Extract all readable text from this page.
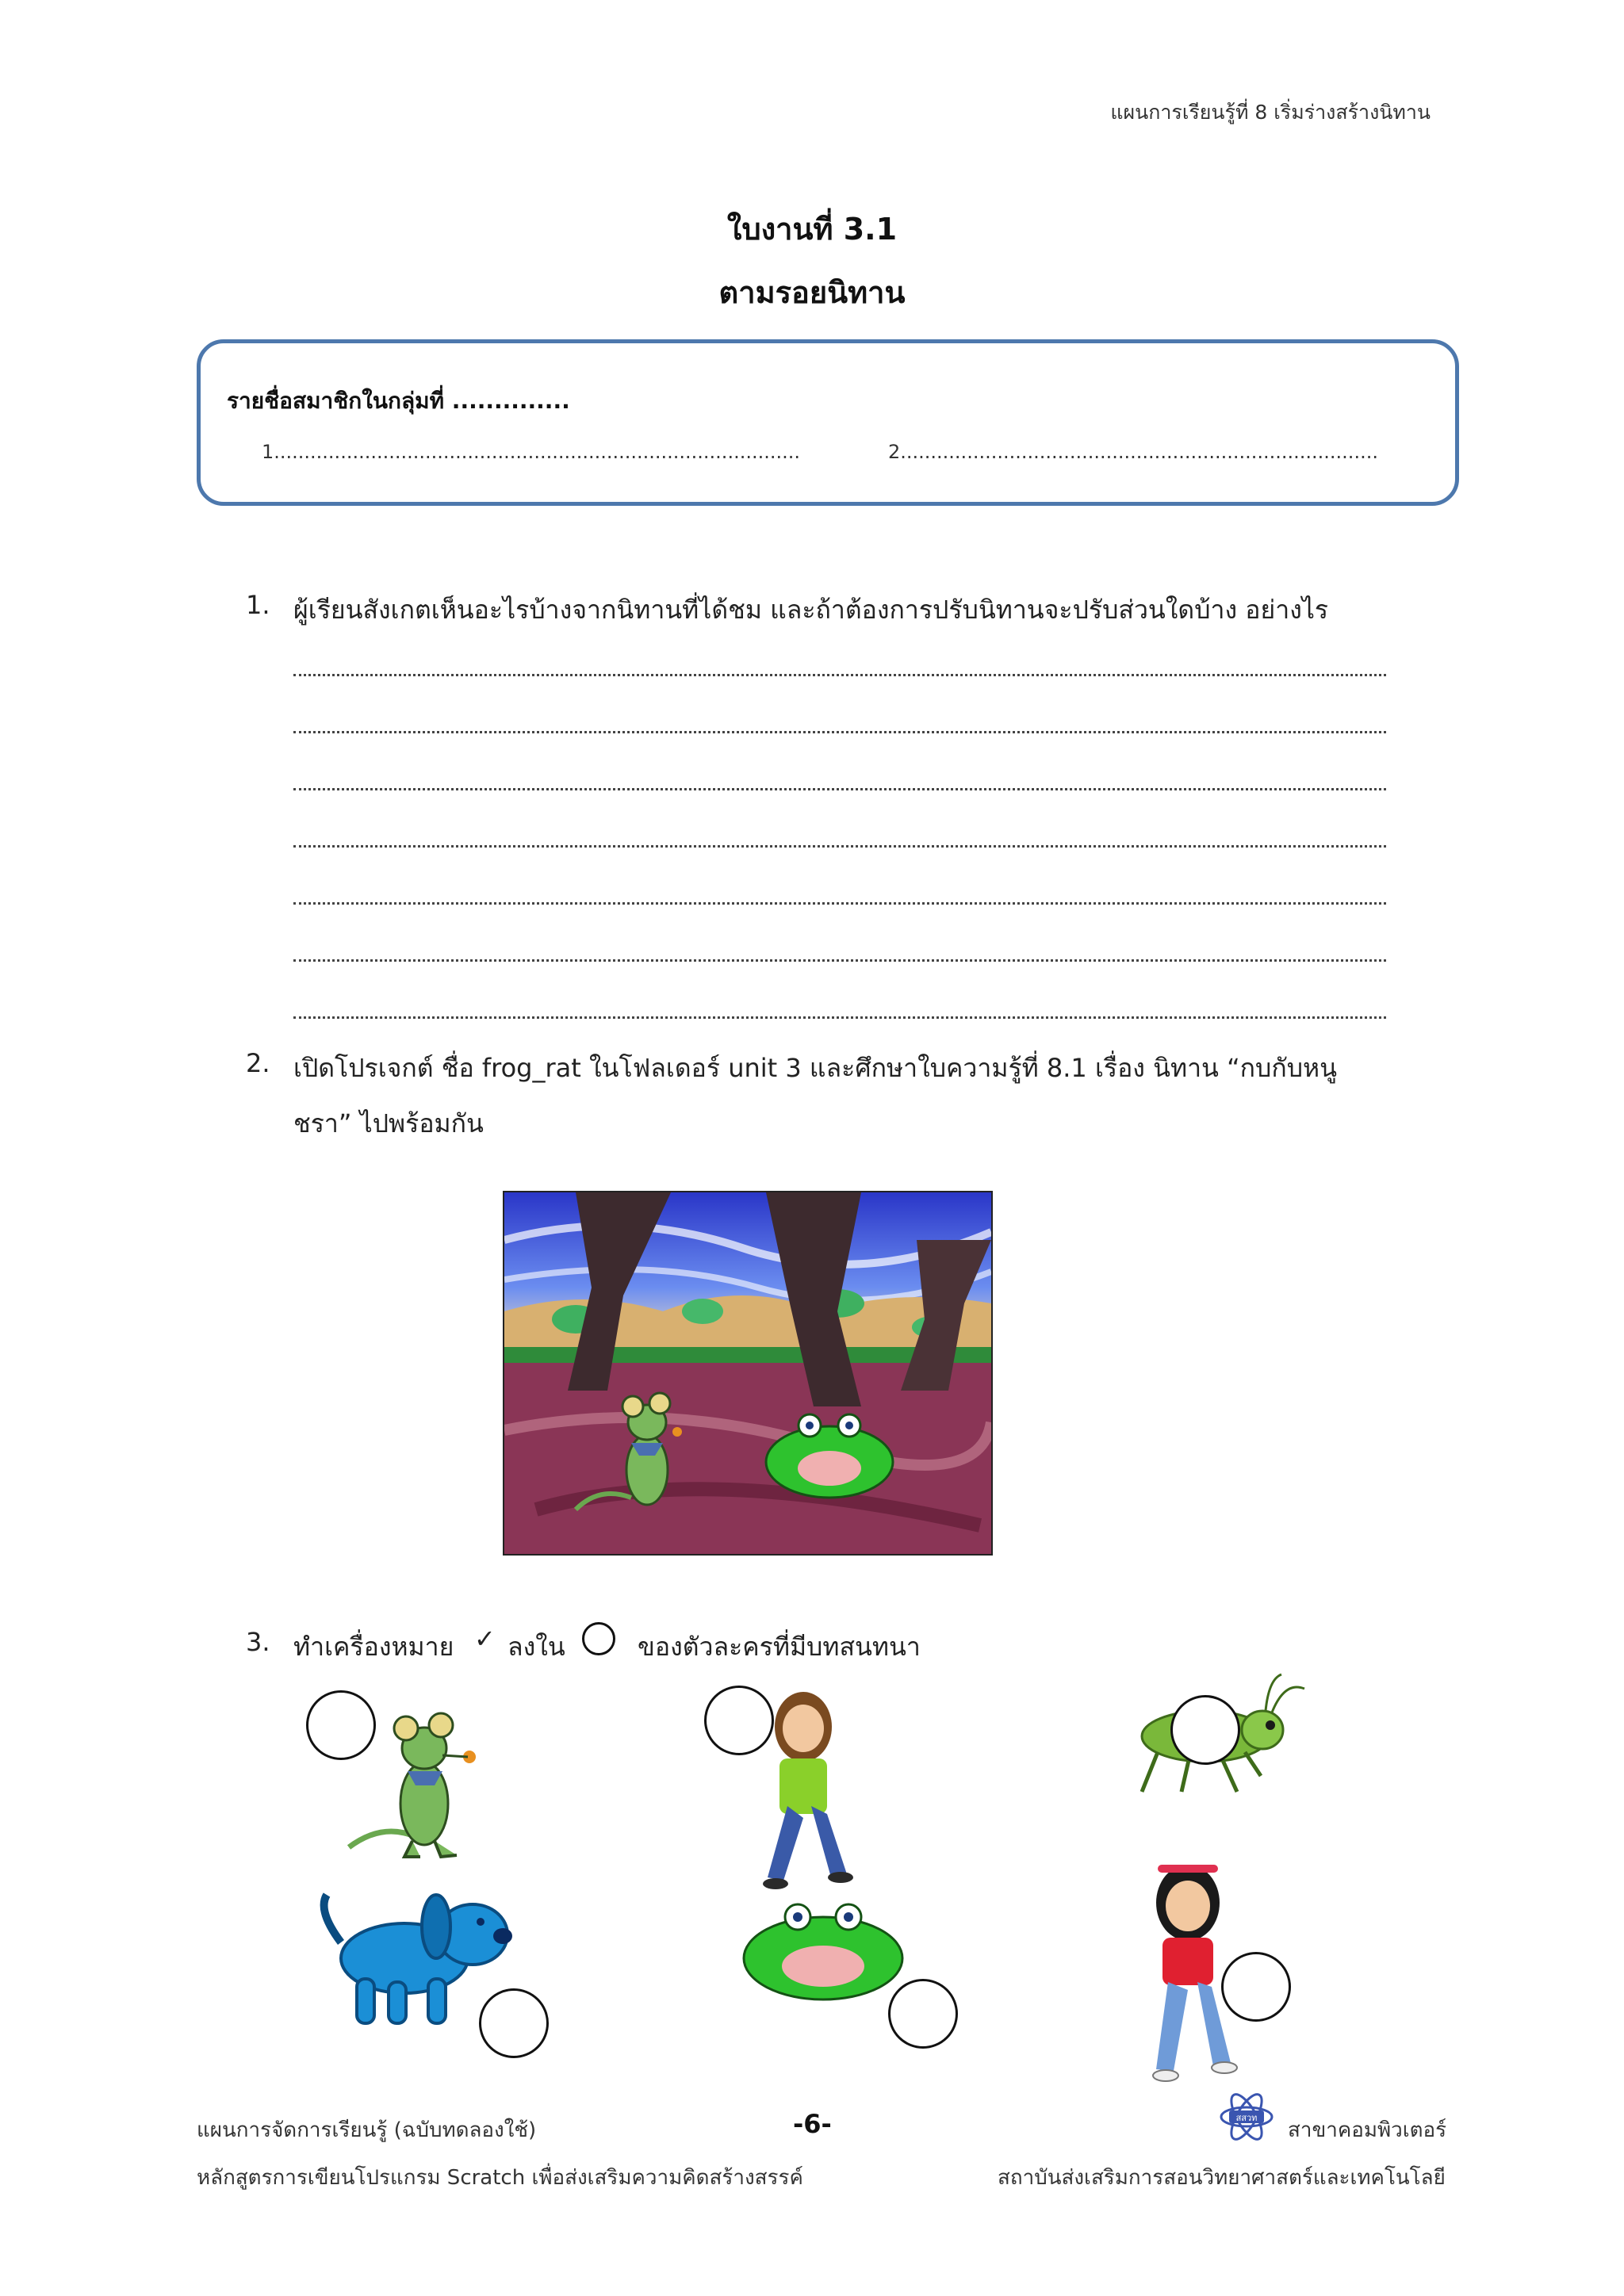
แผนการเรียนรู้ที่ 8 เริ่มร่างสร้างนิทาน
ใบงานที่ 3.1
ตามรอยนิทาน
รายชื่อสมาชิกในกลุ่มที่ ..............
1.......................................................................................	2...............................................................................
1. ผู้เรียนสังเกตเห็นอะไรบ้างจากนิทานที่ได้ชม และถ้าต้องการปรับนิทานจะปรับส่วนใดบ้าง อย่างไร
2. เปิดโปรเจกต์ ชื่อ frog_rat ในโฟลเดอร์ unit 3 และศึกษาใบความรู้ที่ 8.1 เรื่อง นิทาน “กบกับหนู
ชรา” ไปพร้อมกัน
3. ทำเครื่องหมาย ✓ ลงใน	ของตัวละครที่มีบทสนทนา
แผนการจัดการเรียนรู้ (ฉบับทดลองใช้)	-6-	สสวท
สาขาคอมพิวเตอร์
หลักสูตรการเขียนโปรแกรม Scratch เพื่อส่งเสริมความคิดสร้างสรรค์	สถาบันส่งเสริมการสอนวิทยาศาสตร์และเทคโนโลยี
